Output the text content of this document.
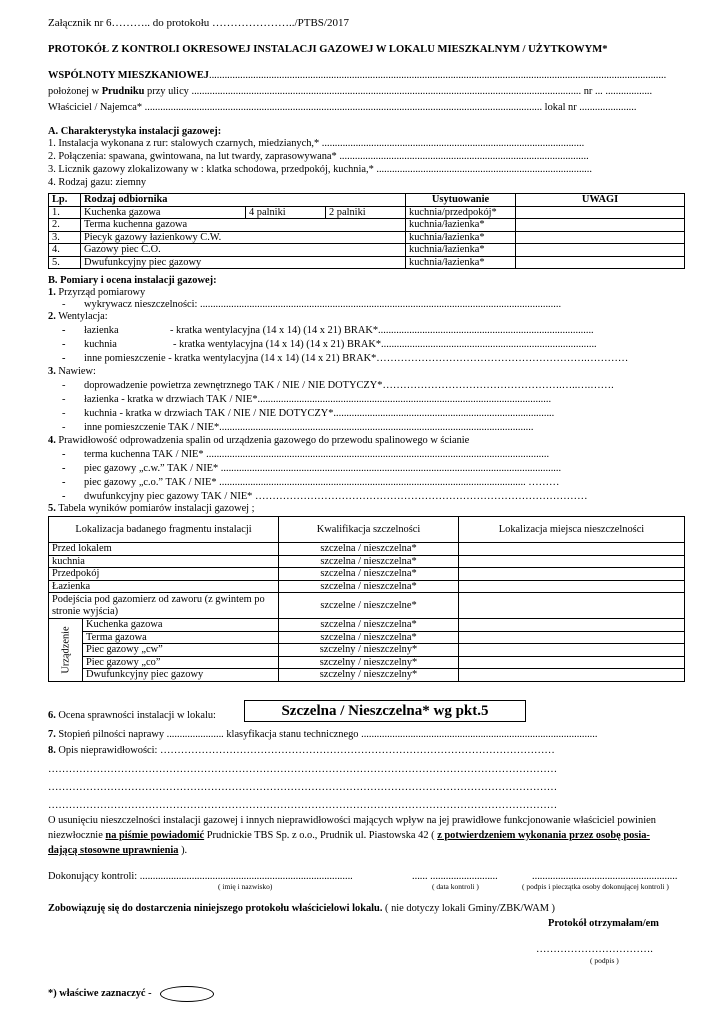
Załącznik nr 6……….. do protokołu …………………../PTBS/2017
PROTOKÓŁ Z KONTROLI OKRESOWEJ INSTALACJI GAZOWEJ W LOKALU MIESZKALNYM / UŻYTKOWYM*
WSPÓLNOTY MIESZKANIOWEJ................................................................................................................................................................................
położonej w Prudniku przy ulicy ...................................................................................................................................................... nr ... ..................
Właściciel / Najemca* ......................................................................................................................................................... lokal nr ......................
A. Charakterystyka instalacji gazowej:
1. Instalacja wykonana z rur: stalowych czarnych, miedzianych,* .....................................................................................................
2. Połączenia: spawana, gwintowana, na lut twardy, zaprasowywana* ................................................................................................
3. Licznik gazowy zlokalizowany w : klatka schodowa, przedpokój, kuchnia,* ...................................................................................
4. Rodzaj gazu: ziemny
Lp.	Rodzaj odbiornika			Usytuowanie	UWAGI
1.	Kuchenka gazowa	4 palniki	2 palniki	kuchnia/przedpokój*	
2.	Terma kuchenna gazowa			kuchnia/łazienka*	
3.	Piecyk gazowy łazienkowy C.W.			kuchnia/łazienka*	
4.	Gazowy piec C.O.			kuchnia/łazienka*	
5.	Dwufunkcyjny piec gazowy			kuchnia/łazienka*	
B. Pomiary i ocena instalacji gazowej:
1. Przyrząd pomiarowy
- wykrywacz nieszczelności: ...........................................................................................................................................
2. Wentylacja:
- łazienka	- kratka wentylacyjna (14 x 14) (14 x 21) BRAK*...................................................................................
- kuchnia	- kratka wentylacyjna (14 x 14) (14 x 21) BRAK*...................................................................................
- inne pomieszczenie - kratka wentylacyjna (14 x 14) (14 x 21) BRAK*…………………………………………………….…………
3. Nawiew:
- doprowadzenie powietrza zewnętrznego TAK / NIE / NIE DOTYCZY*…………………………………………….…..….…….
- łazienka - kratka w drzwiach TAK / NIE*.................................................................................................................
- kuchnia - kratka w drzwiach TAK / NIE / NIE DOTYCZY*.....................................................................................
- inne pomieszczenie TAK / NIE*.........................................................................................................................
4. Prawidłowość odprowadzenia spalin od urządzenia gazowego do przewodu spalinowego w ścianie
- terma kuchenna TAK / NIE* ....................................................................................................................................
- piec gazowy „c.w.” TAK / NIE* ...................................................................................................................................
- piec gazowy „c.o.” TAK / NIE* ...................................................................................................................... ………
- dwufunkcyjny piec gazowy TAK / NIE* ……………………………………………………………………………………
5. Tabela wyników pomiarów instalacji gazowej ;
Lokalizacja badanego fragmentu instalacji		Kwalifikacja szczelności	Lokalizacja miejsca nieszczelności
Przed lokalem		szczelna / nieszczelna*	
kuchnia		szczelna / nieszczelna*	
Przedpokój		szczelna / nieszczelna*	
Łazienka		szczelna / nieszczelna*	
Podejścia pod gazomierz od zaworu (z gwintem po stronie wyjścia)		szczelne / nieszczelne*	

Urządzenie	Kuchenka gazowa	szczelna / nieszczelna*	
	Terma gazowa	szczelna / nieszczelna*	
	Piec gazowy „cw”	szczelny / nieszczelny*	
	Piec gazowy „co”	szczelny / nieszczelny*	
	Dwufunkcyjny piec gazowy	szczelny / nieszczelny*	
6. Ocena sprawności instalacji w lokalu:	Szczelna / Nieszczelna* wg pkt.5
7. Stopień pilności naprawy ...................... klasyfikacja stanu technicznego ...........................................................................................
8. Opis nieprawidłowości: ……………………………………………………………………………………………………
…………………………………………………………………………………………………………………………………
…………………………………………………………………………………………………………………………………
…………………………………………………………………………………………………………………………………
O usunięciu nieszczelności instalacji gazowej i innych nieprawidłowości mających wpływ na jej prawidłowe funkcjonowanie właściciel powinien
niezwłocznie na piśmie powiadomić Prudnickie TBS Sp. z o.o., Prudnik ul. Piastowska 42 ( z potwierdzeniem wykonania przez osobę posia-
dającą stosowne uprawnienia ).
Dokonujący kontroli: ..................................................................................	...... ..........................	........................................................
( imię i nazwisko)	( data kontroli )	( podpis i pieczątka osoby dokonującej kontroli )
Zobowiązuję się do dostarczenia niniejszego protokołu właścicielowi lokalu. ( nie dotyczy lokali Gminy/ZBK/WAM )
Protokół otrzymałam/em
…………………………….
( podpis )
*) właściwe zaznaczyć -
